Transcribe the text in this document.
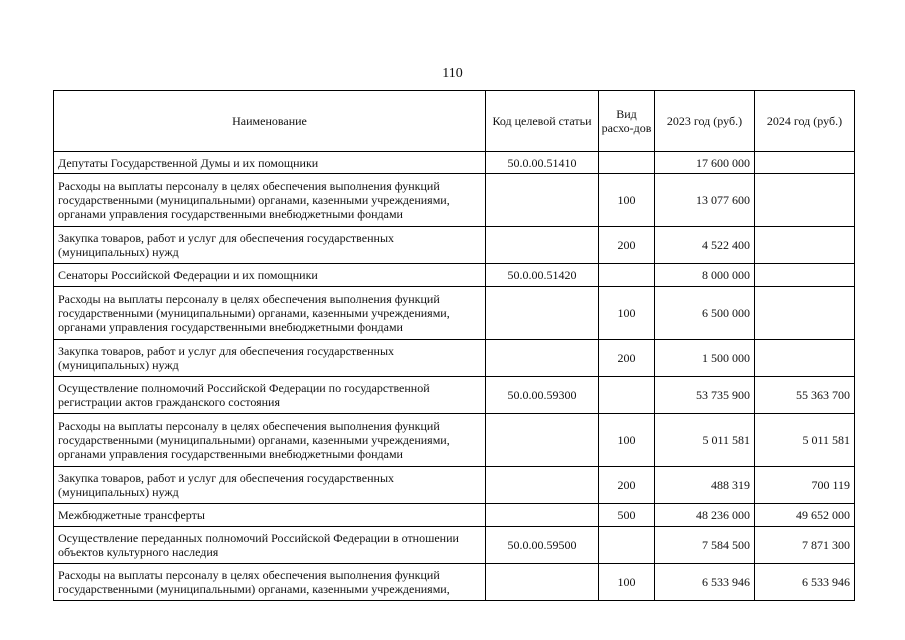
110
Наименование	Код целевой статьи	Вид расхо-дов	2023 год (руб.)	2024 год (руб.)
Депутаты Государственной Думы и их помощники	50.0.00.51410		17 600 000	
Расходы на выплаты персоналу в целях обеспечения выполнения функций государственными (муниципальными) органами, казенными учреждениями, органами управления государственными внебюджетными фондами		100	13 077 600	
Закупка товаров, работ и услуг для обеспечения государственных (муниципальных) нужд		200	4 522 400	
Сенаторы Российской Федерации и их помощники	50.0.00.51420		8 000 000	
Расходы на выплаты персоналу в целях обеспечения выполнения функций государственными (муниципальными) органами, казенными учреждениями, органами управления государственными внебюджетными фондами		100	6 500 000	
Закупка товаров, работ и услуг для обеспечения государственных (муниципальных) нужд		200	1 500 000	
Осуществление полномочий Российской Федерации по государственной регистрации актов гражданского состояния	50.0.00.59300		53 735 900	55 363 700
Расходы на выплаты персоналу в целях обеспечения выполнения функций государственными (муниципальными) органами, казенными учреждениями, органами управления государственными внебюджетными фондами		100	5 011 581	5 011 581
Закупка товаров, работ и услуг для обеспечения государственных (муниципальных) нужд		200	488 319	700 119
Межбюджетные трансферты		500	48 236 000	49 652 000
Осуществление переданных полномочий Российской Федерации в отношении объектов культурного наследия	50.0.00.59500		7 584 500	7 871 300
Расходы на выплаты персоналу в целях обеспечения выполнения функций государственными (муниципальными) органами, казенными учреждениями,		100	6 533 946	6 533 946
